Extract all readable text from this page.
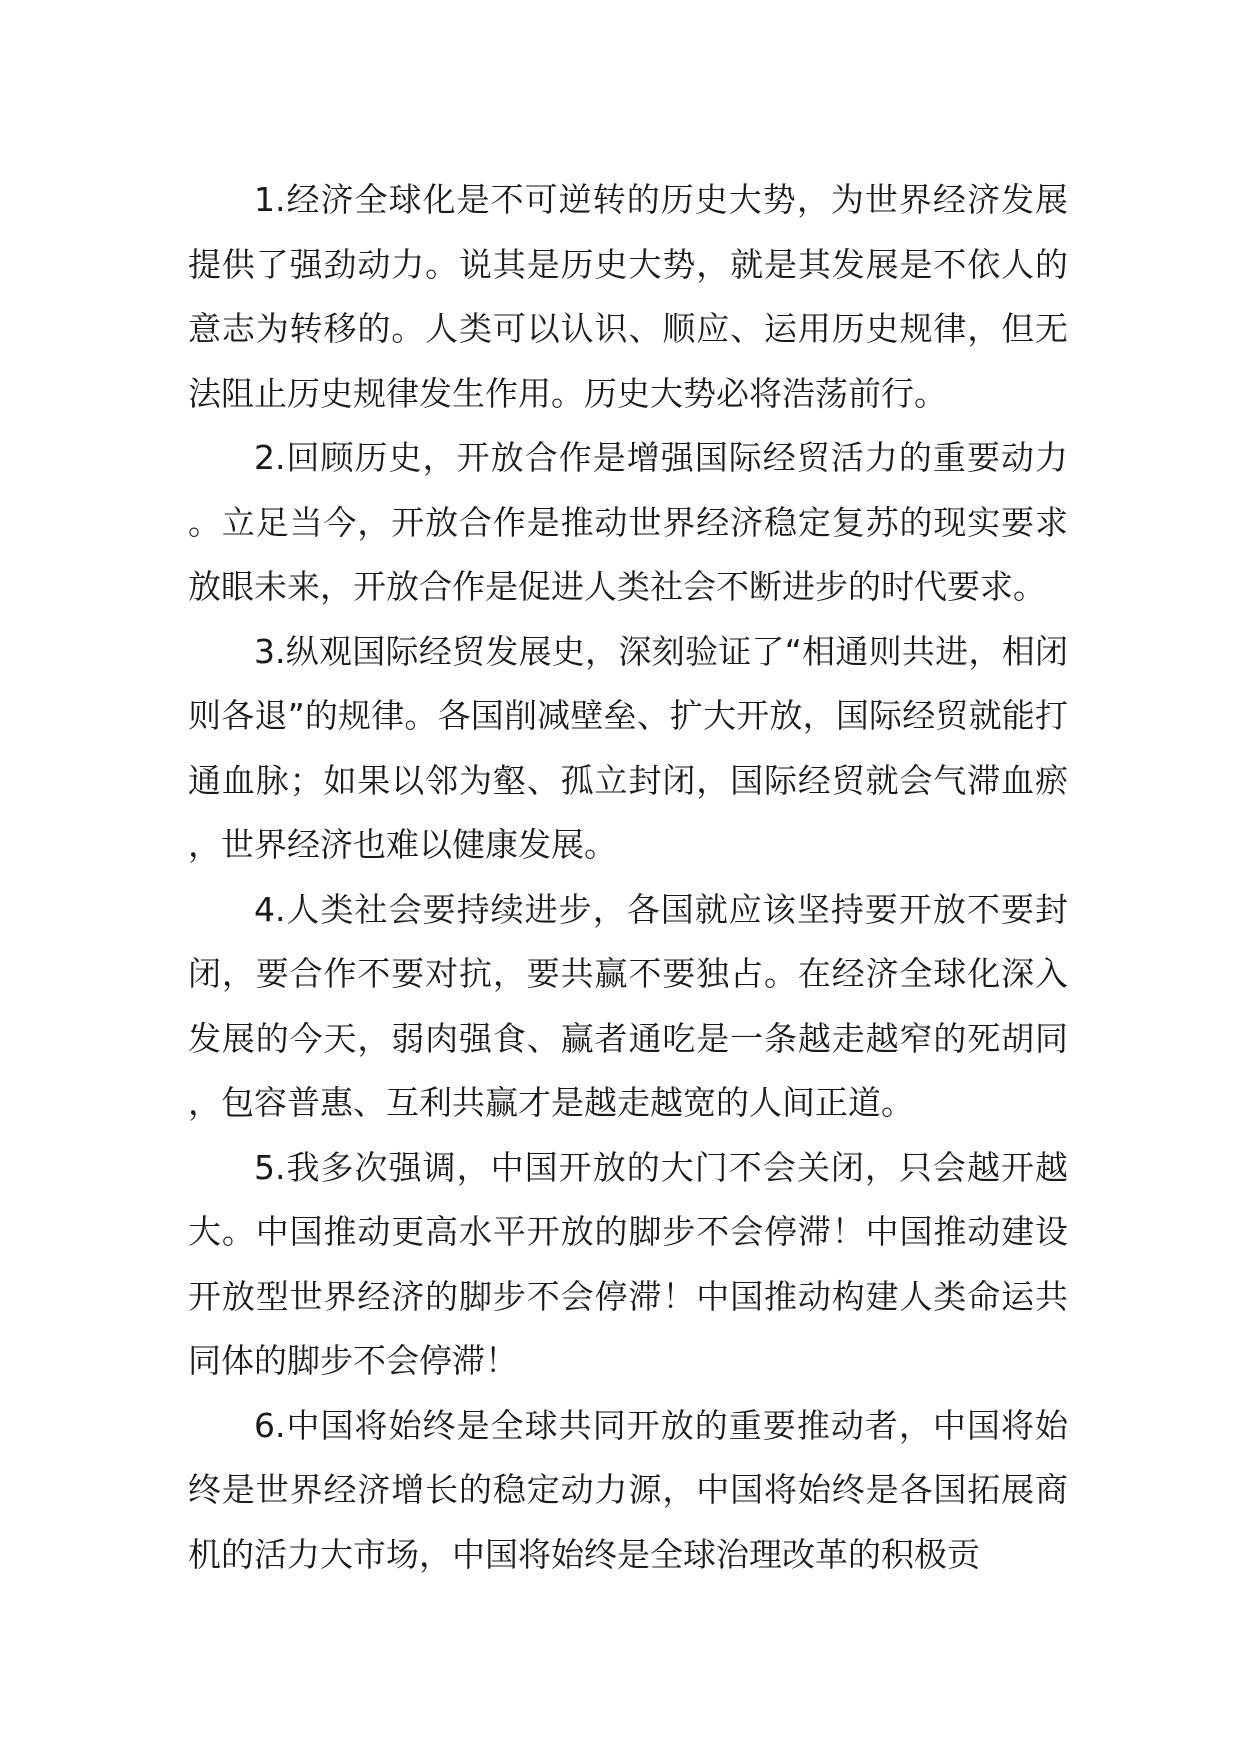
1.经济全球化是不可逆转的历史大势，为世界经济发展提供了强劲动力。说其是历史大势，就是其发展是不依人的意志为转移的。人类可以认识、顺应、运用历史规律，但无法阻止历史规律发生作用。历史大势必将浩荡前行。

2.回顾历史，开放合作是增强国际经贸活力的重要动力。立足当今，开放合作是推动世界经济稳定复苏的现实要求放眼未来，开放合作是促进人类社会不断进步的时代要求。

3.纵观国际经贸发展史，深刻验证了“相通则共进，相闭则各退”的规律。各国削减壁垒、扩大开放，国际经贸就能打通血脉；如果以邻为壑、孤立封闭，国际经贸就会气滞血瘀，世界经济也难以健康发展。

4.人类社会要持续进步，各国就应该坚持要开放不要封闭，要合作不要对抗，要共赢不要独占。在经济全球化深入发展的今天，弱肉强食、赢者通吃是一条越走越窄的死胡同，包容普惠、互利共赢才是越走越宽的人间正道。

5.我多次强调，中国开放的大门不会关闭，只会越开越大。中国推动更高水平开放的脚步不会停滞！中国推动建设开放型世界经济的脚步不会停滞！中国推动构建人类命运共同体的脚步不会停滞！

6.中国将始终是全球共同开放的重要推动者，中国将始终是世界经济增长的稳定动力源，中国将始终是各国拓展商机的活力大市场，中国将始终是全球治理改革的积极贡
